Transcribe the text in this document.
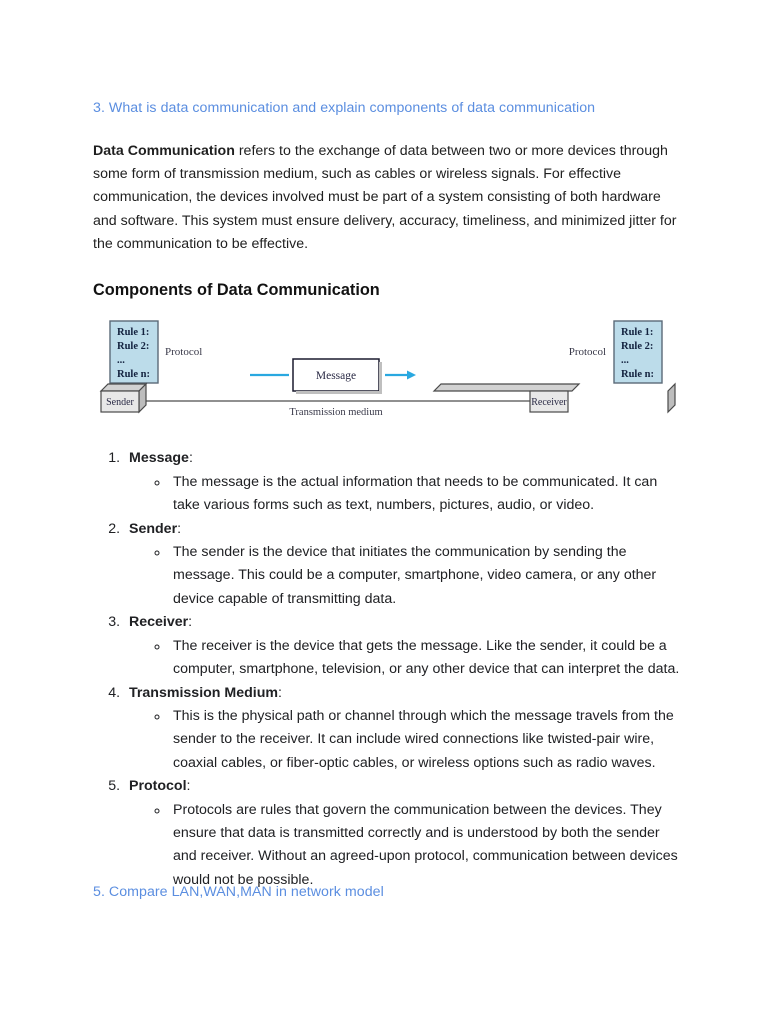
3. What is data communication and explain components of data communication

Data Communication refers to the exchange of data between two or more devices through some form of transmission medium, such as cables or wireless signals. For effective communication, the devices involved must be part of a system consisting of both hardware and software. This system must ensure delivery, accuracy, timeliness, and minimized jitter for the communication to be effective.

Components of Data Communication
Rule 1:
Rule 2:
...
Rule n:
Protocol
Sender
Message
Transmission medium
Rule 1:
Rule 2:
...
Rule n:
Protocol
Receiver
1. Message:
◦ The message is the actual information that needs to be communicated. It can take various forms such as text, numbers, pictures, audio, or video.
2. Sender:
◦ The sender is the device that initiates the communication by sending the message. This could be a computer, smartphone, video camera, or any other device capable of transmitting data.
3. Receiver:
◦ The receiver is the device that gets the message. Like the sender, it could be a computer, smartphone, television, or any other device that can interpret the data.
4. Transmission Medium:
◦ This is the physical path or channel through which the message travels from the sender to the receiver. It can include wired connections like twisted-pair wire, coaxial cables, or fiber-optic cables, or wireless options such as radio waves.
5. Protocol:
◦ Protocols are rules that govern the communication between the devices. They ensure that data is transmitted correctly and is understood by both the sender and receiver. Without an agreed-upon protocol, communication between devices would not be possible.
5. Compare LAN,WAN,MAN in network model
